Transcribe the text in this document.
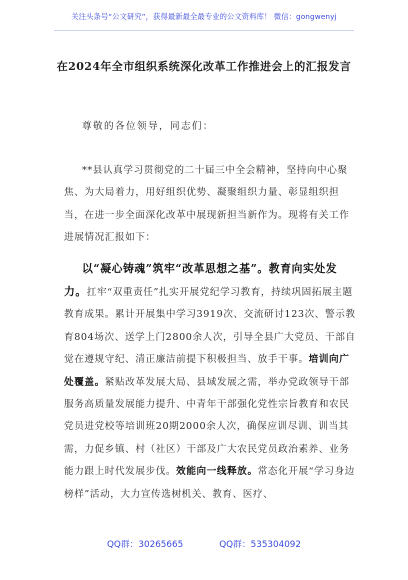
关注头条号“公文研究”，获得最新最全最专业的公文资料库！ 微信：gongwenyj
在2024年全市组织系统深化改革工作推进会上的汇报发言
尊敬的各位领导，同志们：

**县认真学习贯彻党的二十届三中全会精神，坚持向中心聚焦、为大局着力，用好组织优势、凝聚组织力量、彰显组织担当，在进一步全面深化改革中展现新担当新作为。现将有关工作进展情况汇报如下：

以“凝心铸魂”筑牢“改革思想之基”。教育向实处发力。扛牢“双重责任”扎实开展党纪学习教育，持续巩固拓展主题教育成果。累计开展集中学习3919次、交流研讨123次、警示教育804场次、送学上门2800余人次，引导全县广大党员、干部自觉在遵规守纪、清正廉洁前提下积极担当、放手干事。培训向广处覆盖。紧贴改革发展大局、县域发展之需，举办党政领导干部服务高质量发展能力提升、中青年干部强化党性宗旨教育和农民党员进党校等培训班20期2000余人次，确保应训尽训、训当其需，力促乡镇、村（社区）干部及广大农民党员政治素养、业务能力跟上时代发展步伐。效能向一线释放。常态化开展“学习身边榜样”活动，大力宣传选树机关、教育、医疗、

QQ群：30265665	QQ群：535304092
